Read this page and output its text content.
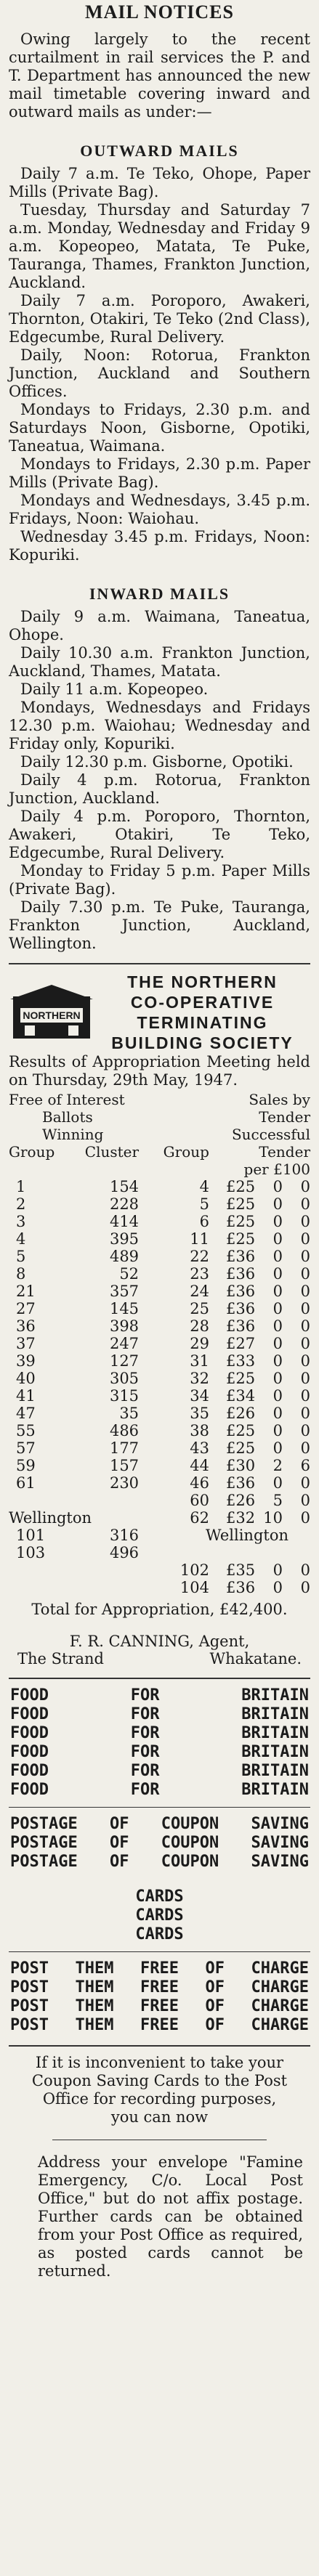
MAIL NOTICES

Owing largely to the recent curtailment in rail services the P. and T. Department has announced the new mail timetable covering inward and outward mails as under:—

OUTWARD MAILS

Daily 7 a.m. Te Teko, Ohope, Paper Mills (Private Bag).

Tuesday, Thursday and Saturday 7 a.m. Monday, Wednesday and Friday 9 a.m. Kopeopeo, Matata, Te Puke, Tauranga, Thames, Frankton Junction, Auckland.

Daily 7 a.m. Poroporo, Awakeri, Thornton, Otakiri, Te Teko (2nd Class), Edgecumbe, Rural Delivery.

Daily, Noon: Rotorua, Frankton Junction, Auckland and Southern Offices.

Mondays to Fridays, 2.30 p.m. and Saturdays Noon, Gisborne, Opotiki, Taneatua, Waimana.

Mondays to Fridays, 2.30 p.m. Paper Mills (Private Bag).

Mondays and Wednesdays, 3.45 p.m. Fridays, Noon: Waiohau.

Wednesday 3.45 p.m. Fridays, Noon: Kopuriki.

INWARD MAILS

Daily 9 a.m. Waimana, Taneatua, Ohope.

Daily 10.30 a.m. Frankton Junction, Auckland, Thames, Matata.

Daily 11 a.m. Kopeopeo.

Mondays, Wednesdays and Fridays 12.30 p.m. Waiohau; Wednesday and Friday only, Kopuriki.

Daily 12.30 p.m. Gisborne, Opotiki.

Daily 4 p.m. Rotorua, Frankton Junction, Auckland.

Daily 4 p.m. Poroporo, Thornton, Awakeri, Otakiri, Te Teko, Edgecumbe, Rural Delivery.

Monday to Friday 5 p.m. Paper Mills (Private Bag).

Daily 7.30 p.m. Te Puke, Tauranga, Frankton Junction, Auckland, Wellington.

NORTHERN
THE NORTHERN
CO-OPERATIVE
TERMINATING
BUILDING SOCIETY

Results of Appropriation Meeting held on Thursday, 29th May, 1947.

Free of Interest			Sales by		
Ballots			Tender		
Winning			Successful		
Group	Cluster	Group	Tender		
			per £100		
1	154	4	£25	0	0
2	228	5	£25	0	0
3	414	6	£25	0	0
4	395	11	£25	0	0
5	489	22	£36	0	0
8	52	23	£36	0	0
21	357	24	£36	0	0
27	145	25	£36	0	0
36	398	28	£36	0	0
37	247	29	£27	0	0
39	127	31	£33	0	0
40	305	32	£25	0	0
41	315	34	£34	0	0
47	35	35	£26	0	0
55	486	38	£25	0	0
57	177	43	£25	0	0
59	157	44	£30	2	6
61	230	46	£36	0	0
		60	£26	5	0
Wellington		62	£32	10	0
101	316	Wellington			
103	496				
		102	£35	0	0
		104	£36	0	0
Total for Appropriation, £42,400.
F. R. CANNING, Agent,
The Strand	Whakatane.
FOOD	FOR	BRITAIN
FOOD	FOR	BRITAIN
FOOD	FOR	BRITAIN
FOOD	FOR	BRITAIN
FOOD	FOR	BRITAIN
FOOD	FOR	BRITAIN
POSTAGE OF COUPON SAVING
POSTAGE OF COUPON SAVING
POSTAGE OF COUPON SAVING
CARDS
CARDS
CARDS
POST THEM FREE OF CHARGE
POST THEM FREE OF CHARGE
POST THEM FREE OF CHARGE
POST THEM FREE OF CHARGE
If it is inconvenient to take your Coupon Saving Cards to the Post Office for recording purposes, you can now
Address your envelope "Famine Emergency, C/o. Local Post Office," but do not affix postage. Further cards can be obtained from your Post Office as required, as posted cards cannot be returned.
